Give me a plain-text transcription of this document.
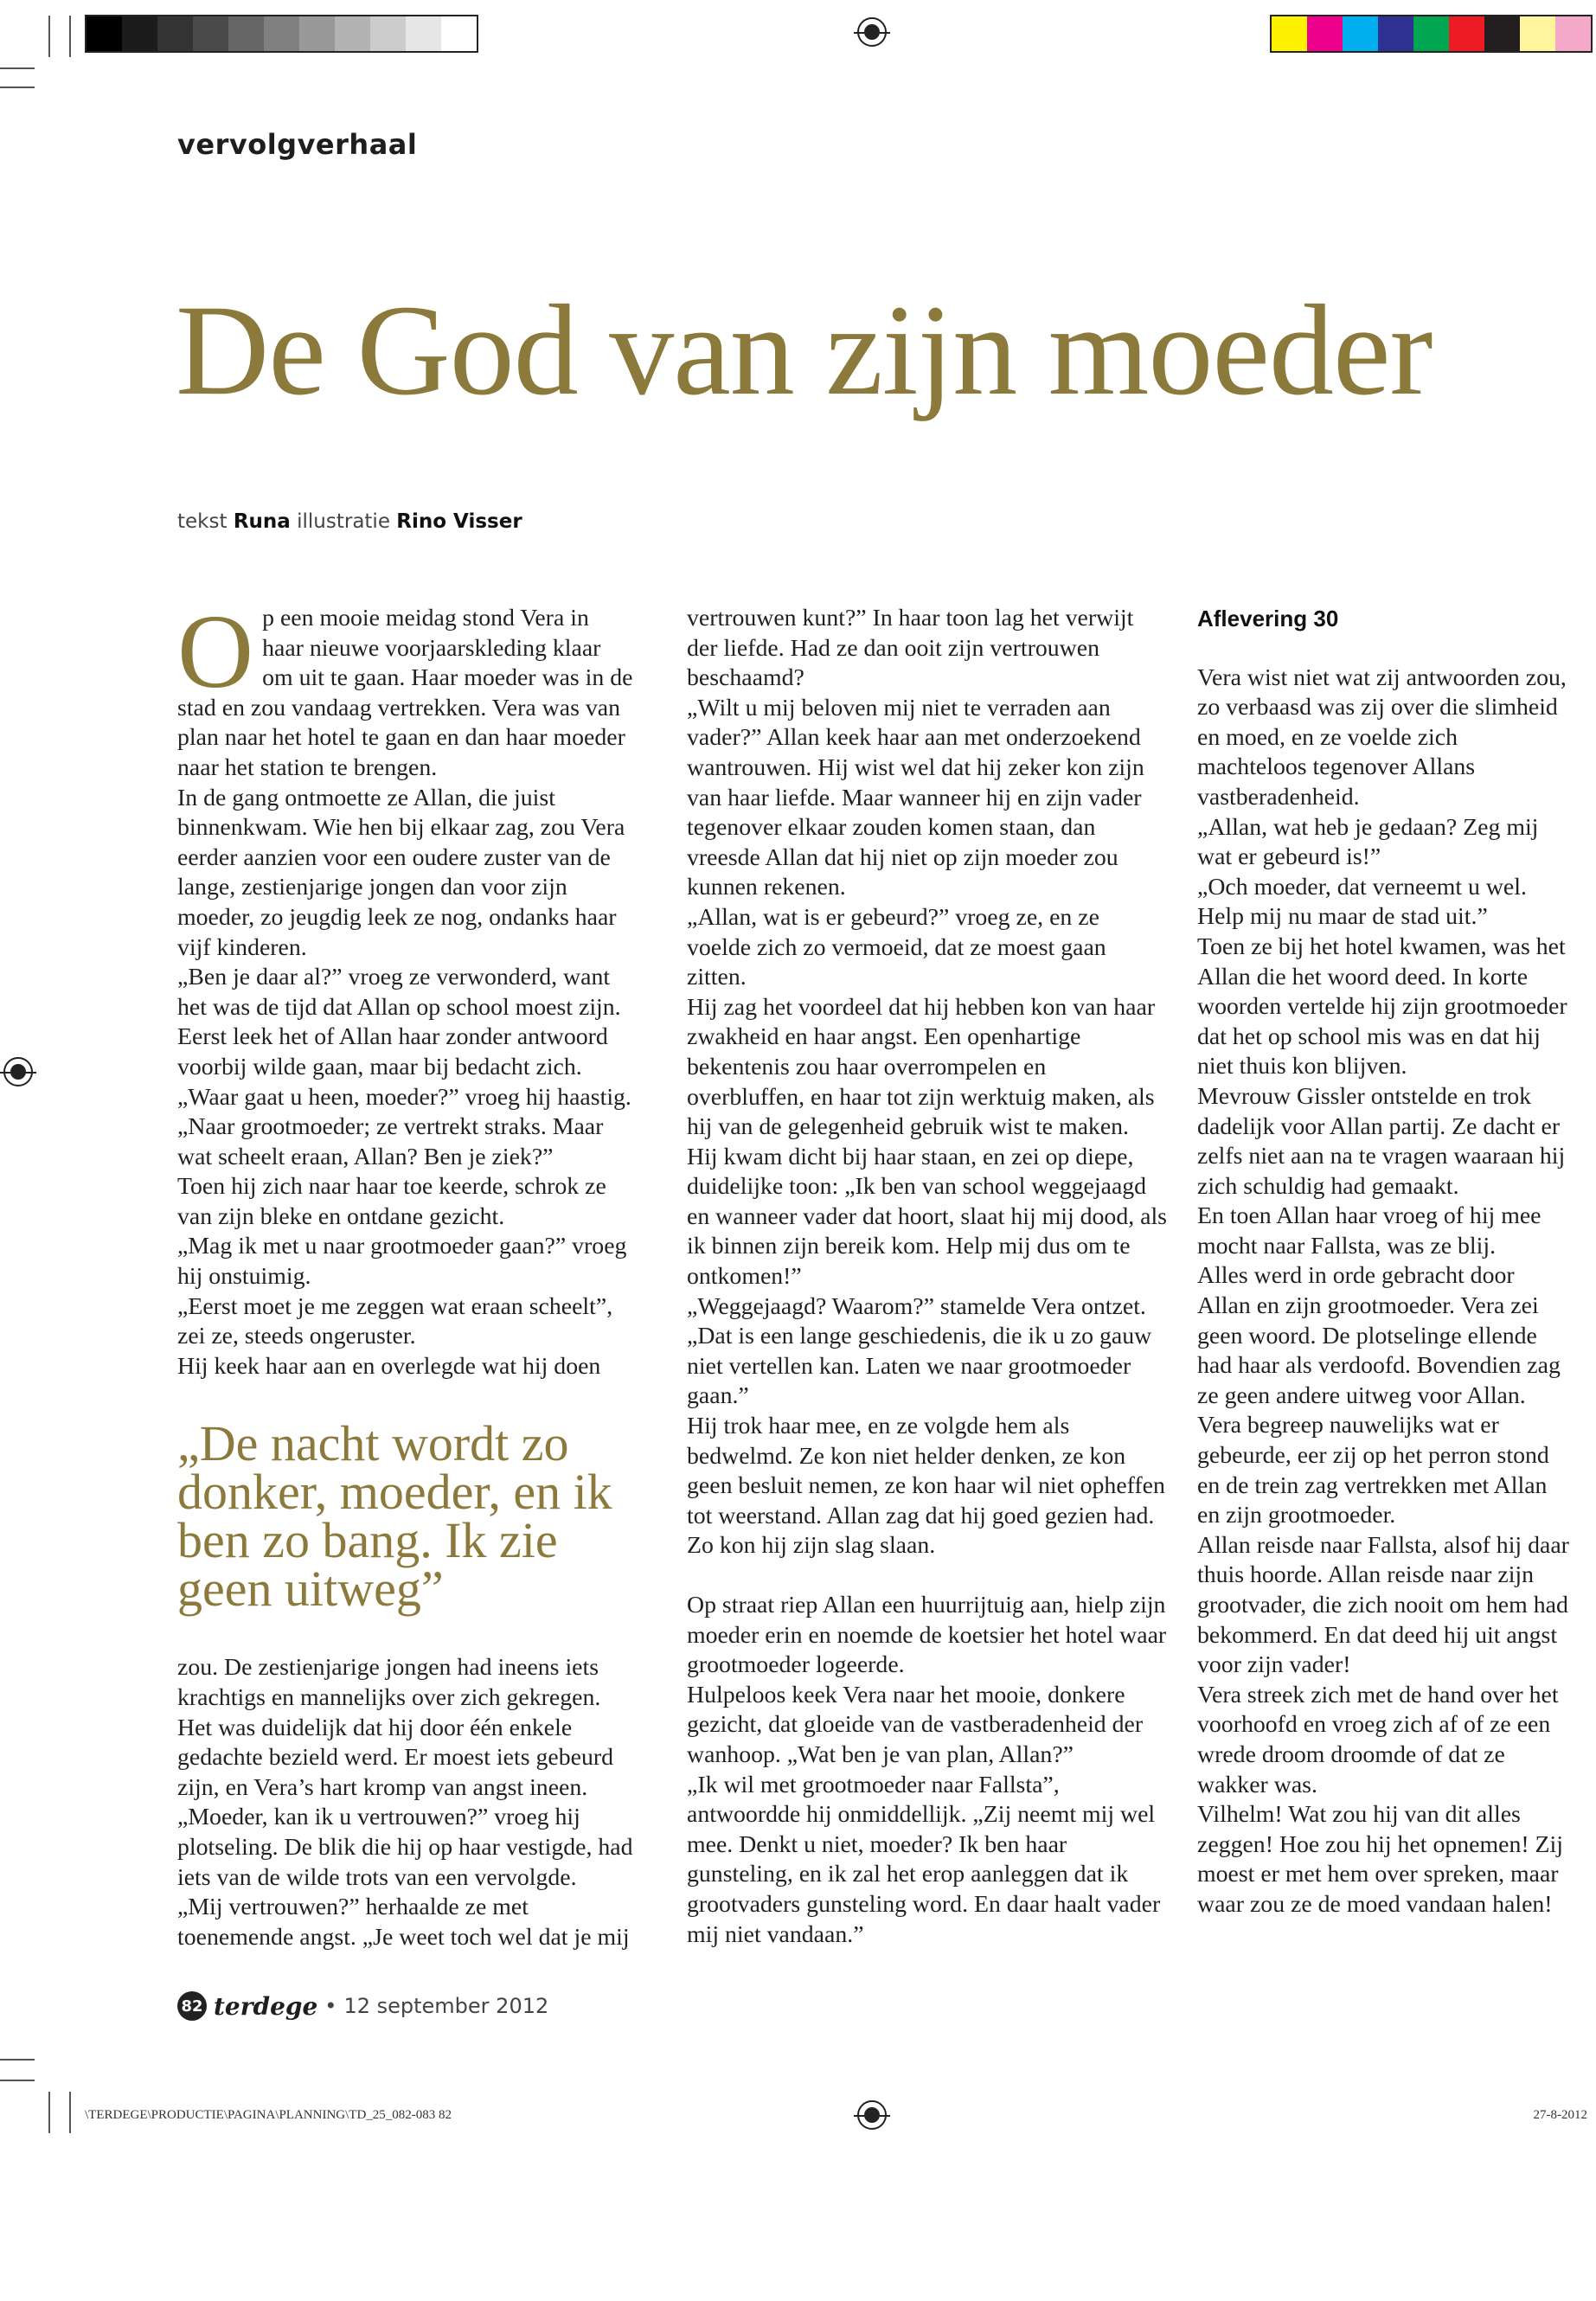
vervolgverhaal
De God van zijn moeder
tekst Runa illustratie Rino Visser

Op een mooie meidag stond Vera in haar nieuwe voorjaarskleding klaar om uit te gaan. Haar moeder was in de stad en zou vandaag vertrekken. Vera was van plan naar het hotel te gaan en dan haar moeder naar het station te brengen.

In de gang ontmoette ze Allan, die juist binnenkwam. Wie hen bij elkaar zag, zou Vera eerder aanzien voor een oudere zuster van de lange, zestienjarige jongen dan voor zijn moeder, zo jeugdig leek ze nog, ondanks haar vijf kinderen.

„Ben je daar al?” vroeg ze verwonderd, want het was de tijd dat Allan op school moest zijn.

Eerst leek het of Allan haar zonder antwoord voorbij wilde gaan, maar bij bedacht zich.

„Waar gaat u heen, moeder?” vroeg hij haastig.

„Naar grootmoeder; ze vertrekt straks. Maar wat scheelt eraan, Allan? Ben je ziek?”

Toen hij zich naar haar toe keerde, schrok ze van zijn bleke en ontdane gezicht.

„Mag ik met u naar grootmoeder gaan?” vroeg hij onstuimig.

„Eerst moet je me zeggen wat eraan scheelt”, zei ze, steeds ongeruster.

Hij keek haar aan en overlegde wat hij doen

„De nacht wordt zo donker, moeder, en ik ben zo bang. Ik zie geen uitweg”

zou. De zestienjarige jongen had ineens iets krachtigs en mannelijks over zich gekregen. Het was duidelijk dat hij door één enkele gedachte bezield werd. Er moest iets gebeurd zijn, en Vera’s hart kromp van angst ineen.

„Moeder, kan ik u vertrouwen?” vroeg hij plotseling. De blik die hij op haar vestigde, had iets van de wilde trots van een vervolgde.

„Mij vertrouwen?” herhaalde ze met toenemende angst. „Je weet toch wel dat je mij

vertrouwen kunt?” In haar toon lag het verwijt der liefde. Had ze dan ooit zijn vertrouwen beschaamd?

„Wilt u mij beloven mij niet te verraden aan vader?” Allan keek haar aan met onderzoekend wantrouwen. Hij wist wel dat hij zeker kon zijn van haar liefde. Maar wanneer hij en zijn vader tegenover elkaar zouden komen staan, dan vreesde Allan dat hij niet op zijn moeder zou kunnen rekenen.

„Allan, wat is er gebeurd?” vroeg ze, en ze voelde zich zo vermoeid, dat ze moest gaan zitten.

Hij zag het voordeel dat hij hebben kon van haar zwakheid en haar angst. Een openhartige bekentenis zou haar overrompelen en overbluffen, en haar tot zijn werktuig maken, als hij van de gelegenheid gebruik wist te maken.

Hij kwam dicht bij haar staan, en zei op diepe, duidelijke toon: „Ik ben van school weggejaagd en wanneer vader dat hoort, slaat hij mij dood, als ik binnen zijn bereik kom. Help mij dus om te ontkomen!”

„Weggejaagd? Waarom?” stamelde Vera ontzet.

„Dat is een lange geschiedenis, die ik u zo gauw niet vertellen kan. Laten we naar grootmoeder gaan.”

Hij trok haar mee, en ze volgde hem als bedwelmd. Ze kon niet helder denken, ze kon geen besluit nemen, ze kon haar wil niet opheffen tot weerstand. Allan zag dat hij goed gezien had. Zo kon hij zijn slag slaan.

Op straat riep Allan een huurrijtuig aan, hielp zijn moeder erin en noemde de koetsier het hotel waar grootmoeder logeerde.

Hulpeloos keek Vera naar het mooie, donkere gezicht, dat gloeide van de vastberadenheid der wanhoop. „Wat ben je van plan, Allan?”

„Ik wil met grootmoeder naar Fallsta”, antwoordde hij onmiddellijk. „Zij neemt mij wel mee. Denkt u niet, moeder? Ik ben haar gunsteling, en ik zal het erop aanleggen dat ik grootvaders gunsteling word. En daar haalt vader mij niet vandaan.”

Aflevering 30

Vera wist niet wat zij antwoorden zou, zo verbaasd was zij over die slimheid en moed, en ze voelde zich machteloos tegenover Allans vastberadenheid.

„Allan, wat heb je gedaan? Zeg mij wat er gebeurd is!”

„Och moeder, dat verneemt u wel. Help mij nu maar de stad uit.”

Toen ze bij het hotel kwamen, was het Allan die het woord deed. In korte woorden vertelde hij zijn grootmoeder dat het op school mis was en dat hij niet thuis kon blijven.

Mevrouw Gissler ontstelde en trok dadelijk voor Allan partij. Ze dacht er zelfs niet aan na te vragen waaraan hij zich schuldig had gemaakt.

En toen Allan haar vroeg of hij mee mocht naar Fallsta, was ze blij.

Alles werd in orde gebracht door Allan en zijn grootmoeder. Vera zei geen woord. De plotselinge ellende had haar als verdoofd. Bovendien zag ze geen andere uitweg voor Allan.

Vera begreep nauwelijks wat er gebeurde, eer zij op het perron stond en de trein zag vertrekken met Allan en zijn grootmoeder.

Allan reisde naar Fallsta, alsof hij daar thuis hoorde. Allan reisde naar zijn grootvader, die zich nooit om hem had bekommerd. En dat deed hij uit angst voor zijn vader!

Vera streek zich met de hand over het voorhoofd en vroeg zich af of ze een wrede droom droomde of dat ze wakker was.

Vilhelm! Wat zou hij van dit alles zeggen! Hoe zou hij het opnemen! Zij moest er met hem over spreken, maar waar zou ze de moed vandaan halen!

82 terdege • 12 september 2012
\TERDEGE\PRODUCTIE\PAGINA\PLANNING\TD_25_082-083 82	27-8-2012
